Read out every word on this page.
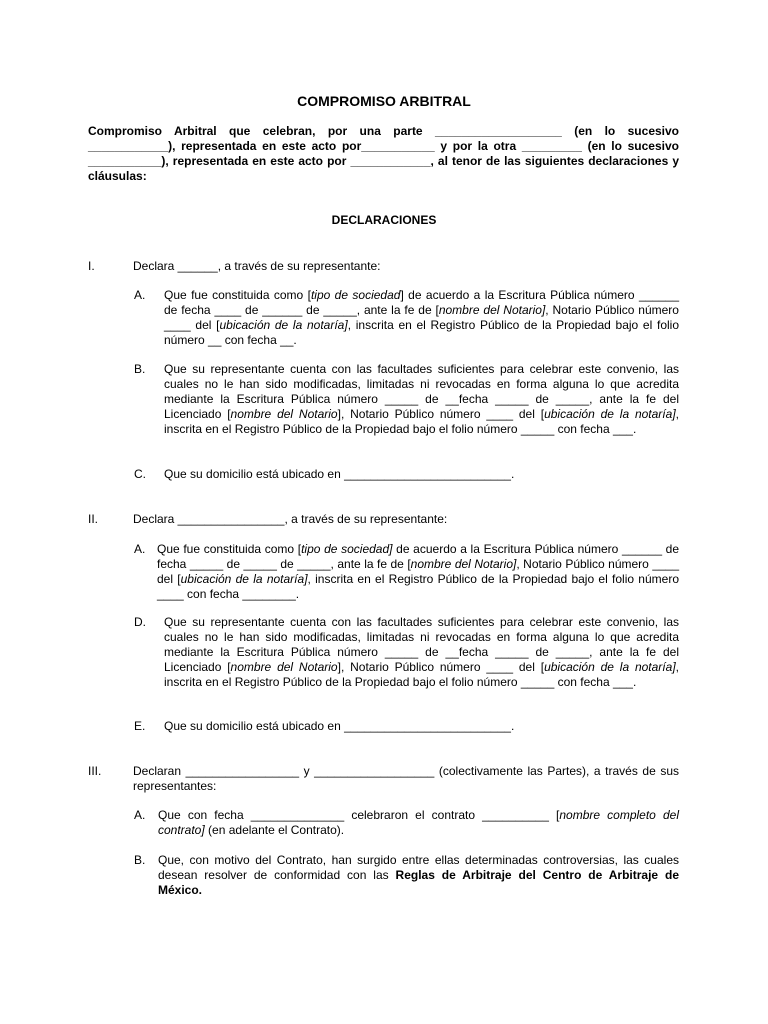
COMPROMISO ARBITRAL
Compromiso Arbitral que celebran, por una parte ___________________ (en lo sucesivo ____________), representada en este acto por___________ y por la otra _________ (en lo sucesivo ___________), representada en este acto por ____________, al tenor de las siguientes declaraciones y cláusulas:
DECLARACIONES
I.	Declara ______, a través de su representante:
A. Que fue constituida como [tipo de sociedad] de acuerdo a la Escritura Pública número ______ de fecha ____ de ______ de _____, ante la fe de [nombre del Notario], Notario Público número ____ del [ubicación de la notaría], inscrita en el Registro Público de la Propiedad bajo el folio número __ con fecha __.
B. Que su representante cuenta con las facultades suficientes para celebrar este convenio, las cuales no le han sido modificadas, limitadas ni revocadas en forma alguna lo que acredita mediante la Escritura Pública número _____ de __fecha _____ de _____, ante la fe del Licenciado [nombre del Notario], Notario Público número ____ del [ubicación de la notaría], inscrita en el Registro Público de la Propiedad bajo el folio número _____ con fecha ___.
C. Que su domicilio está ubicado en _________________________.
II.	Declara ________________, a través de su representante:
A. Que fue constituida como [tipo de sociedad] de acuerdo a la Escritura Pública número ______ de fecha _____ de _____ de _____, ante la fe de [nombre del Notario], Notario Público número ____ del [ubicación de la notaría], inscrita en el Registro Público de la Propiedad bajo el folio número ____ con fecha ________.
D. Que su representante cuenta con las facultades suficientes para celebrar este convenio, las cuales no le han sido modificadas, limitadas ni revocadas en forma alguna lo que acredita mediante la Escritura Pública número _____ de __fecha _____ de _____, ante la fe del Licenciado [nombre del Notario], Notario Público número ____ del [ubicación de la notaría], inscrita en el Registro Público de la Propiedad bajo el folio número _____ con fecha ___.
E. Que su domicilio está ubicado en _________________________.
III.	Declaran _________________ y __________________ (colectivamente las Partes), a través de sus representantes:
A. Que con fecha ______________ celebraron el contrato __________ [nombre completo del contrato] (en adelante el Contrato).
B. Que, con motivo del Contrato, han surgido entre ellas determinadas controversias, las cuales desean resolver de conformidad con las Reglas de Arbitraje del Centro de Arbitraje de México.
